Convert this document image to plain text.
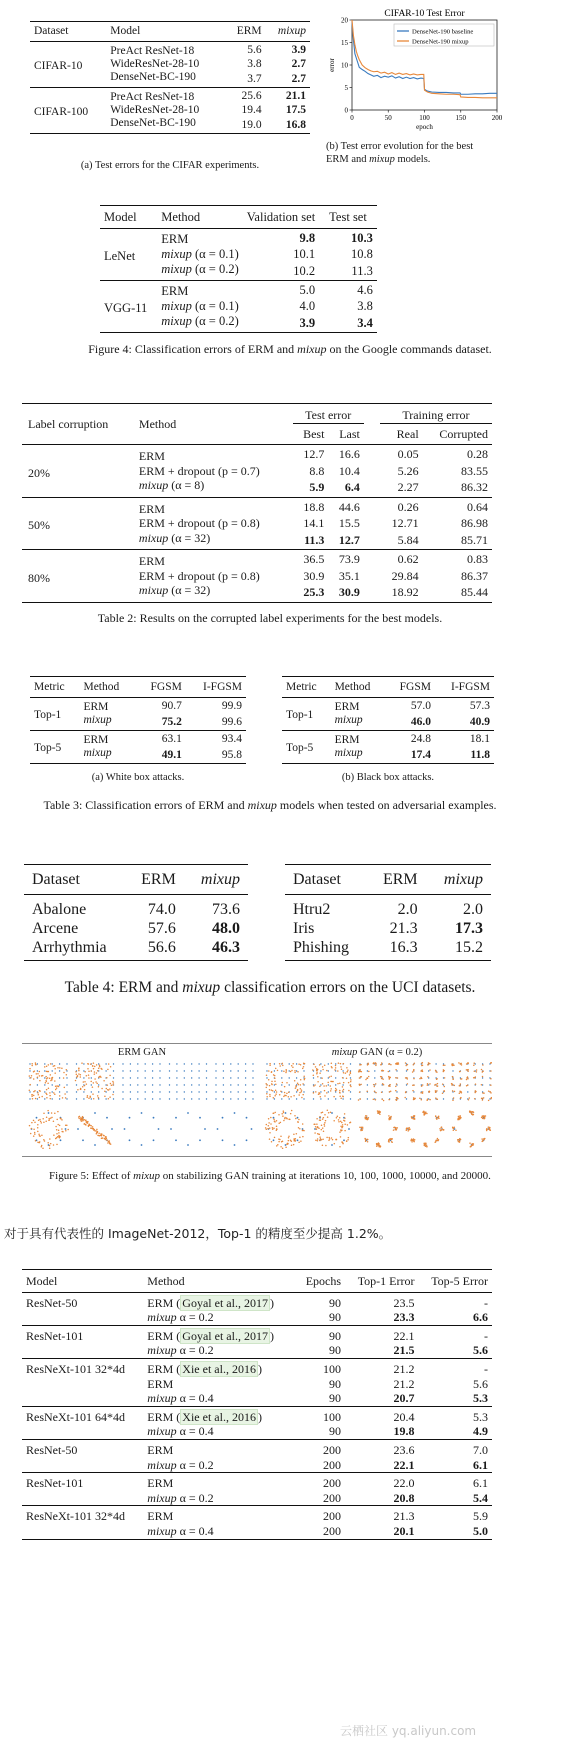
Dataset	Model	ERM	mixup
CIFAR-10	PreAct ResNet-18	5.6	3.9
	WideResNet-28-10	3.8	2.7
	DenseNet-BC-190	3.7	2.7
CIFAR-100	PreAct ResNet-18	25.6	21.1
	WideResNet-28-10	19.4	17.5
	DenseNet-BC-190	19.0	16.8
(a) Test errors for the CIFAR experiments.
CIFAR-10 Test Error
0	50	100	150	200
0
5
10
15
20
epoch
error
DenseNet-190 baseline
DenseNet-190 mixup
(b) Test error evolution for the best
ERM and mixup models.
Model	Method	Validation set	Test set
LeNet	ERM	9.8	10.3
	mixup (α = 0.1)	10.1	10.8
	mixup (α = 0.2)	10.2	11.3
VGG-11	ERM	5.0	4.6
	mixup (α = 0.1)	4.0	3.8
	mixup (α = 0.2)	3.9	3.4
Figure 4: Classification errors of ERM and mixup on the Google commands dataset.
Label corruption	Method	Test error			Training error	
		Best	Last		Real	Corrupted
20%	ERM	12.7	16.6		0.05	0.28
	ERM + dropout (p = 0.7)	8.8	10.4		5.26	83.55
	mixup (α = 8)	5.9	6.4		2.27	86.32
50%	ERM	18.8	44.6		0.26	0.64
	ERM + dropout (p = 0.8)	14.1	15.5		12.71	86.98
	mixup (α = 32)	11.3	12.7		5.84	85.71
80%	ERM	36.5	73.9		0.62	0.83
	ERM + dropout (p = 0.8)	30.9	35.1		29.84	86.37
	mixup (α = 32)	25.3	30.9		18.92	85.44
Table 2: Results on the corrupted label experiments for the best models.
Metric	Method	FGSM	I-FGSM
Top-1	ERM	90.7	99.9
	mixup	75.2	99.6
Top-5	ERM	63.1	93.4
	mixup	49.1	95.8
(a) White box attacks.
Metric	Method	FGSM	I-FGSM
Top-1	ERM	57.0	57.3
	mixup	46.0	40.9
Top-5	ERM	24.8	18.1
	mixup	17.4	11.8
(b) Black box attacks.
Table 3: Classification errors of ERM and mixup models when tested on adversarial examples.
Dataset	ERM	mixup
Abalone	74.0	73.6
Arcene	57.6	48.0
Arrhythmia	56.6	46.3
Dataset	ERM	mixup
Htru2	2.0	2.0
Iris	21.3	17.3
Phishing	16.3	15.2
Table 4: ERM and mixup classification errors on the UCI datasets.
ERM GAN	mixup GAN (α = 0.2)
Figure 5: Effect of mixup on stabilizing GAN training at iterations 10, 100, 1000, 10000, and 20000.
对于具有代表性的 ImageNet-2012，Top-1 的精度至少提高 1.2%。
Model	Method	Epochs	Top-1 Error	Top-5 Error
ResNet-50	ERM ( Goyal et al., 2017 )	90	23.5	-
	mixup α = 0.2	90	23.3	6.6
ResNet-101	ERM ( Goyal et al., 2017 )	90	22.1	-
	mixup α = 0.2	90	21.5	5.6
ResNeXt-101 32*4d	ERM ( Xie et al., 2016 )	100	21.2	-
	ERM	90	21.2	5.6
	mixup α = 0.4	90	20.7	5.3
ResNeXt-101 64*4d	ERM ( Xie et al., 2016 )	100	20.4	5.3
	mixup α = 0.4	90	19.8	4.9
ResNet-50	ERM	200	23.6	7.0
	mixup α = 0.2	200	22.1	6.1
ResNet-101	ERM	200	22.0	6.1
	mixup α = 0.2	200	20.8	5.4
ResNeXt-101 32*4d	ERM	200	21.3	5.9
	mixup α = 0.4	200	20.1	5.0
云栖社区 yq.aliyun.com
